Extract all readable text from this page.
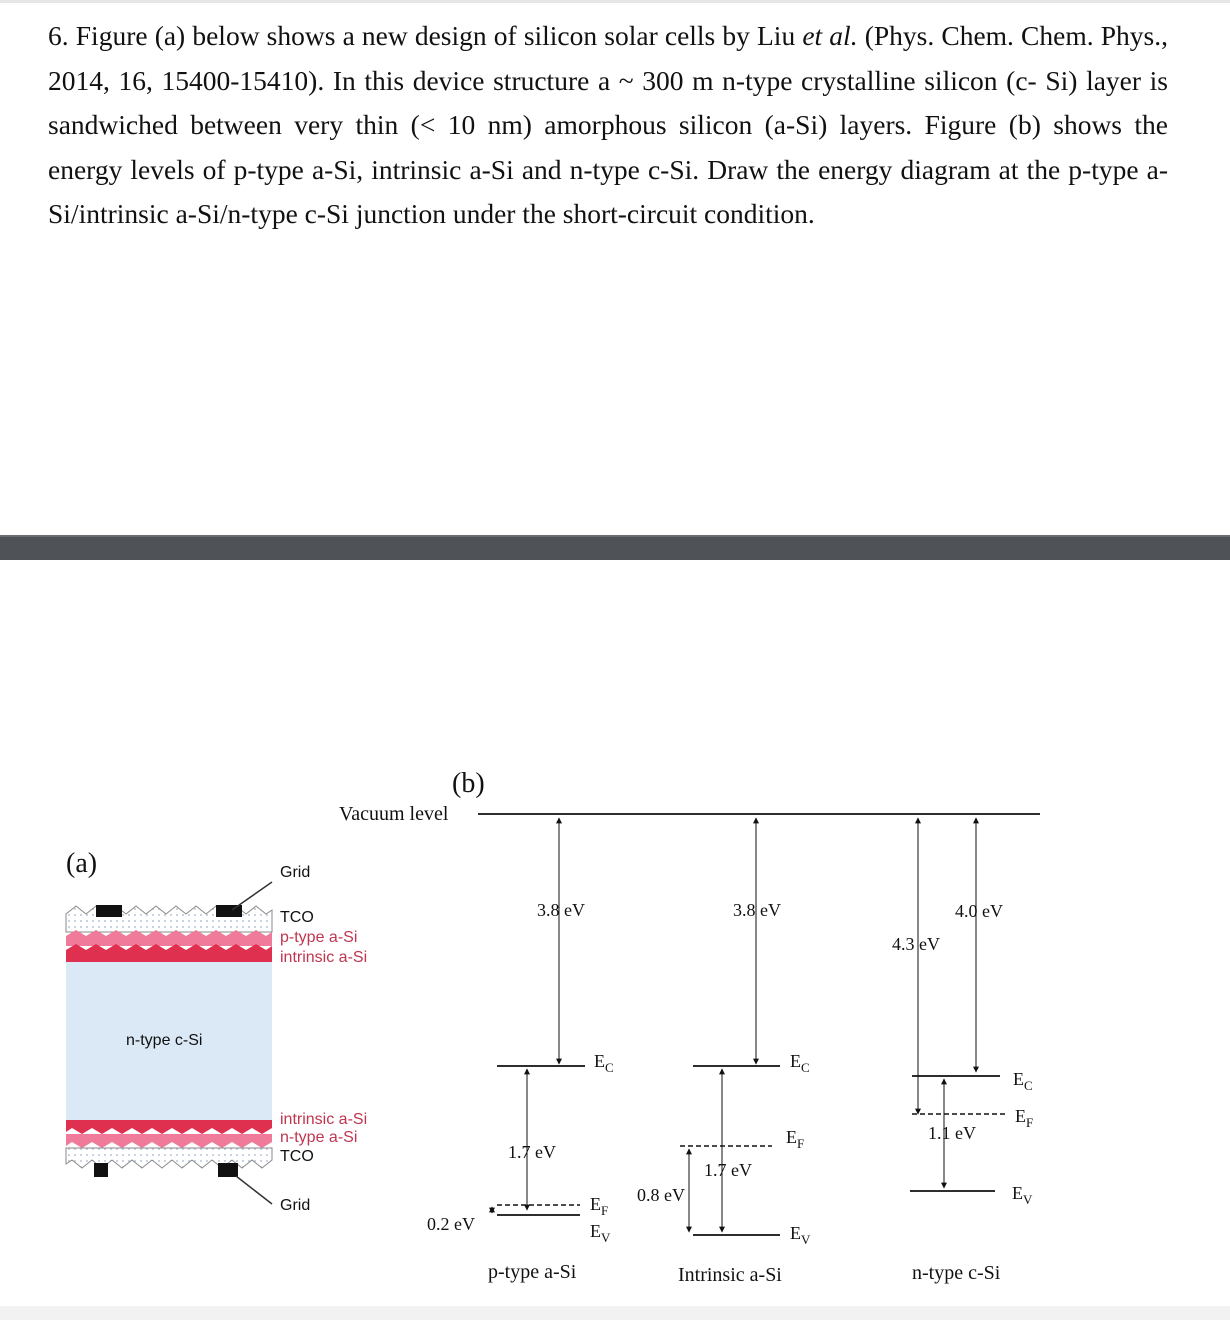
6. Figure (a) below shows a new design of silicon solar cells by Liu et al. (Phys. Chem. Chem. Phys., 2014, 16, 15400-15410). In this device structure a ~ 300 m n-type crystalline silicon (c- Si) layer is sandwiched between very thin (< 10 nm) amorphous silicon (a-Si) layers. Figure (b) shows the energy levels of p-type a-Si, intrinsic a-Si and n-type c-Si. Draw the energy diagram at the p-type a-Si/intrinsic a-Si/n-type c-Si junction under the short-circuit condition.
(a)
n-type c-Si
Grid
TCO
p-type a-Si
intrinsic a-Si
intrinsic a-Si
n-type a-Si
TCO
Grid
(b)
Vacuum level
3.8 eV
$E_C$
1.7 eV
$E_F$
$E_V$
0.2 eV
p-type a-Si
3.8 eV
$E_C$
$E_F$
1.7 eV
$E_V$
0.8 eV
Intrinsic a-Si
4.3 eV
4.0 eV
$E_C$
$E_F$
1.1 eV
$E_V$
n-type c-Si
